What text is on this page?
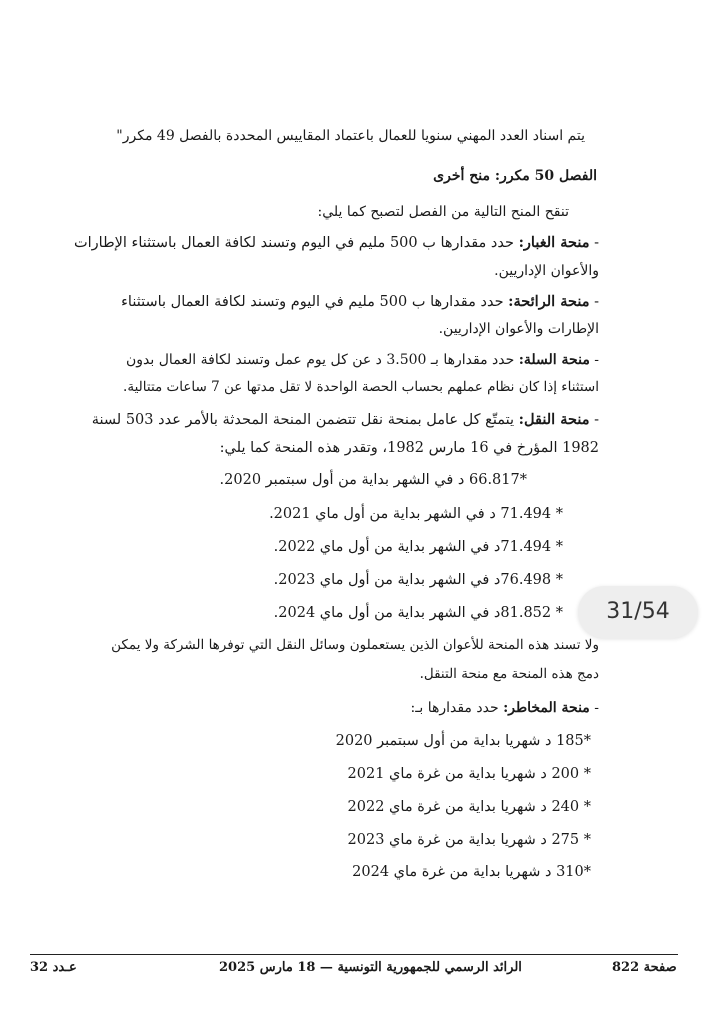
يتم اسناد العدد المهني سنويا للعمال باعتماد المقاييس المحددة بالفصل 49 مكرر"
الفصل 50 مكرر: منح أخرى
تنقح المنح التالية من الفصل لتصبح كما يلي:
- منحة الغبار: حدد مقدارها ب 500 مليم في اليوم وتسند لكافة العمال باستثناء الإطارات
والأعوان الإداريين.
- منحة الرائحة: حدد مقدارها ب 500 مليم في اليوم وتسند لكافة العمال باستثناء
الإطارات والأعوان الإداريين.
- منحة السلة: حدد مقدارها بـ 3.500 د عن كل يوم عمل وتسند لكافة العمال بدون
استثناء إذا كان نظام عملهم بحساب الحصة الواحدة لا تقل مدتها عن 7 ساعات متتالية.
- منحة النقل: يتمتّع كل عامل بمنحة نقل تتضمن المنحة المحدثة بالأمر عدد 503 لسنة
1982 المؤرخ في 16 مارس 1982، وتقدر هذه المنحة كما يلي:
*66.817 د في الشهر بداية من أول سبتمبر 2020.
* 71.494 د في الشهر بداية من أول ماي 2021.
* 71.494د في الشهر بداية من أول ماي 2022.
* 76.498د في الشهر بداية من أول ماي 2023.
* 81.852د في الشهر بداية من أول ماي 2024.
ولا تسند هذه المنحة للأعوان الذين يستعملون وسائل النقل التي توفرها الشركة ولا يمكن
دمج هذه المنحة مع منحة التنقل.
- منحة المخاطر: حدد مقدارها بـ:
*185 د شهريا بداية من أول سبتمبر 2020
* 200 د شهريا بداية من غرة ماي 2021
* 240 د شهريا بداية من غرة ماي 2022
* 275 د شهريا بداية من غرة ماي 2023
*310 د شهريا بداية من غرة ماي 2024
صفحة 822
الرائد الرسمي للجمهورية التونسية — 18 مارس 2025
عـدد 32
31/54
